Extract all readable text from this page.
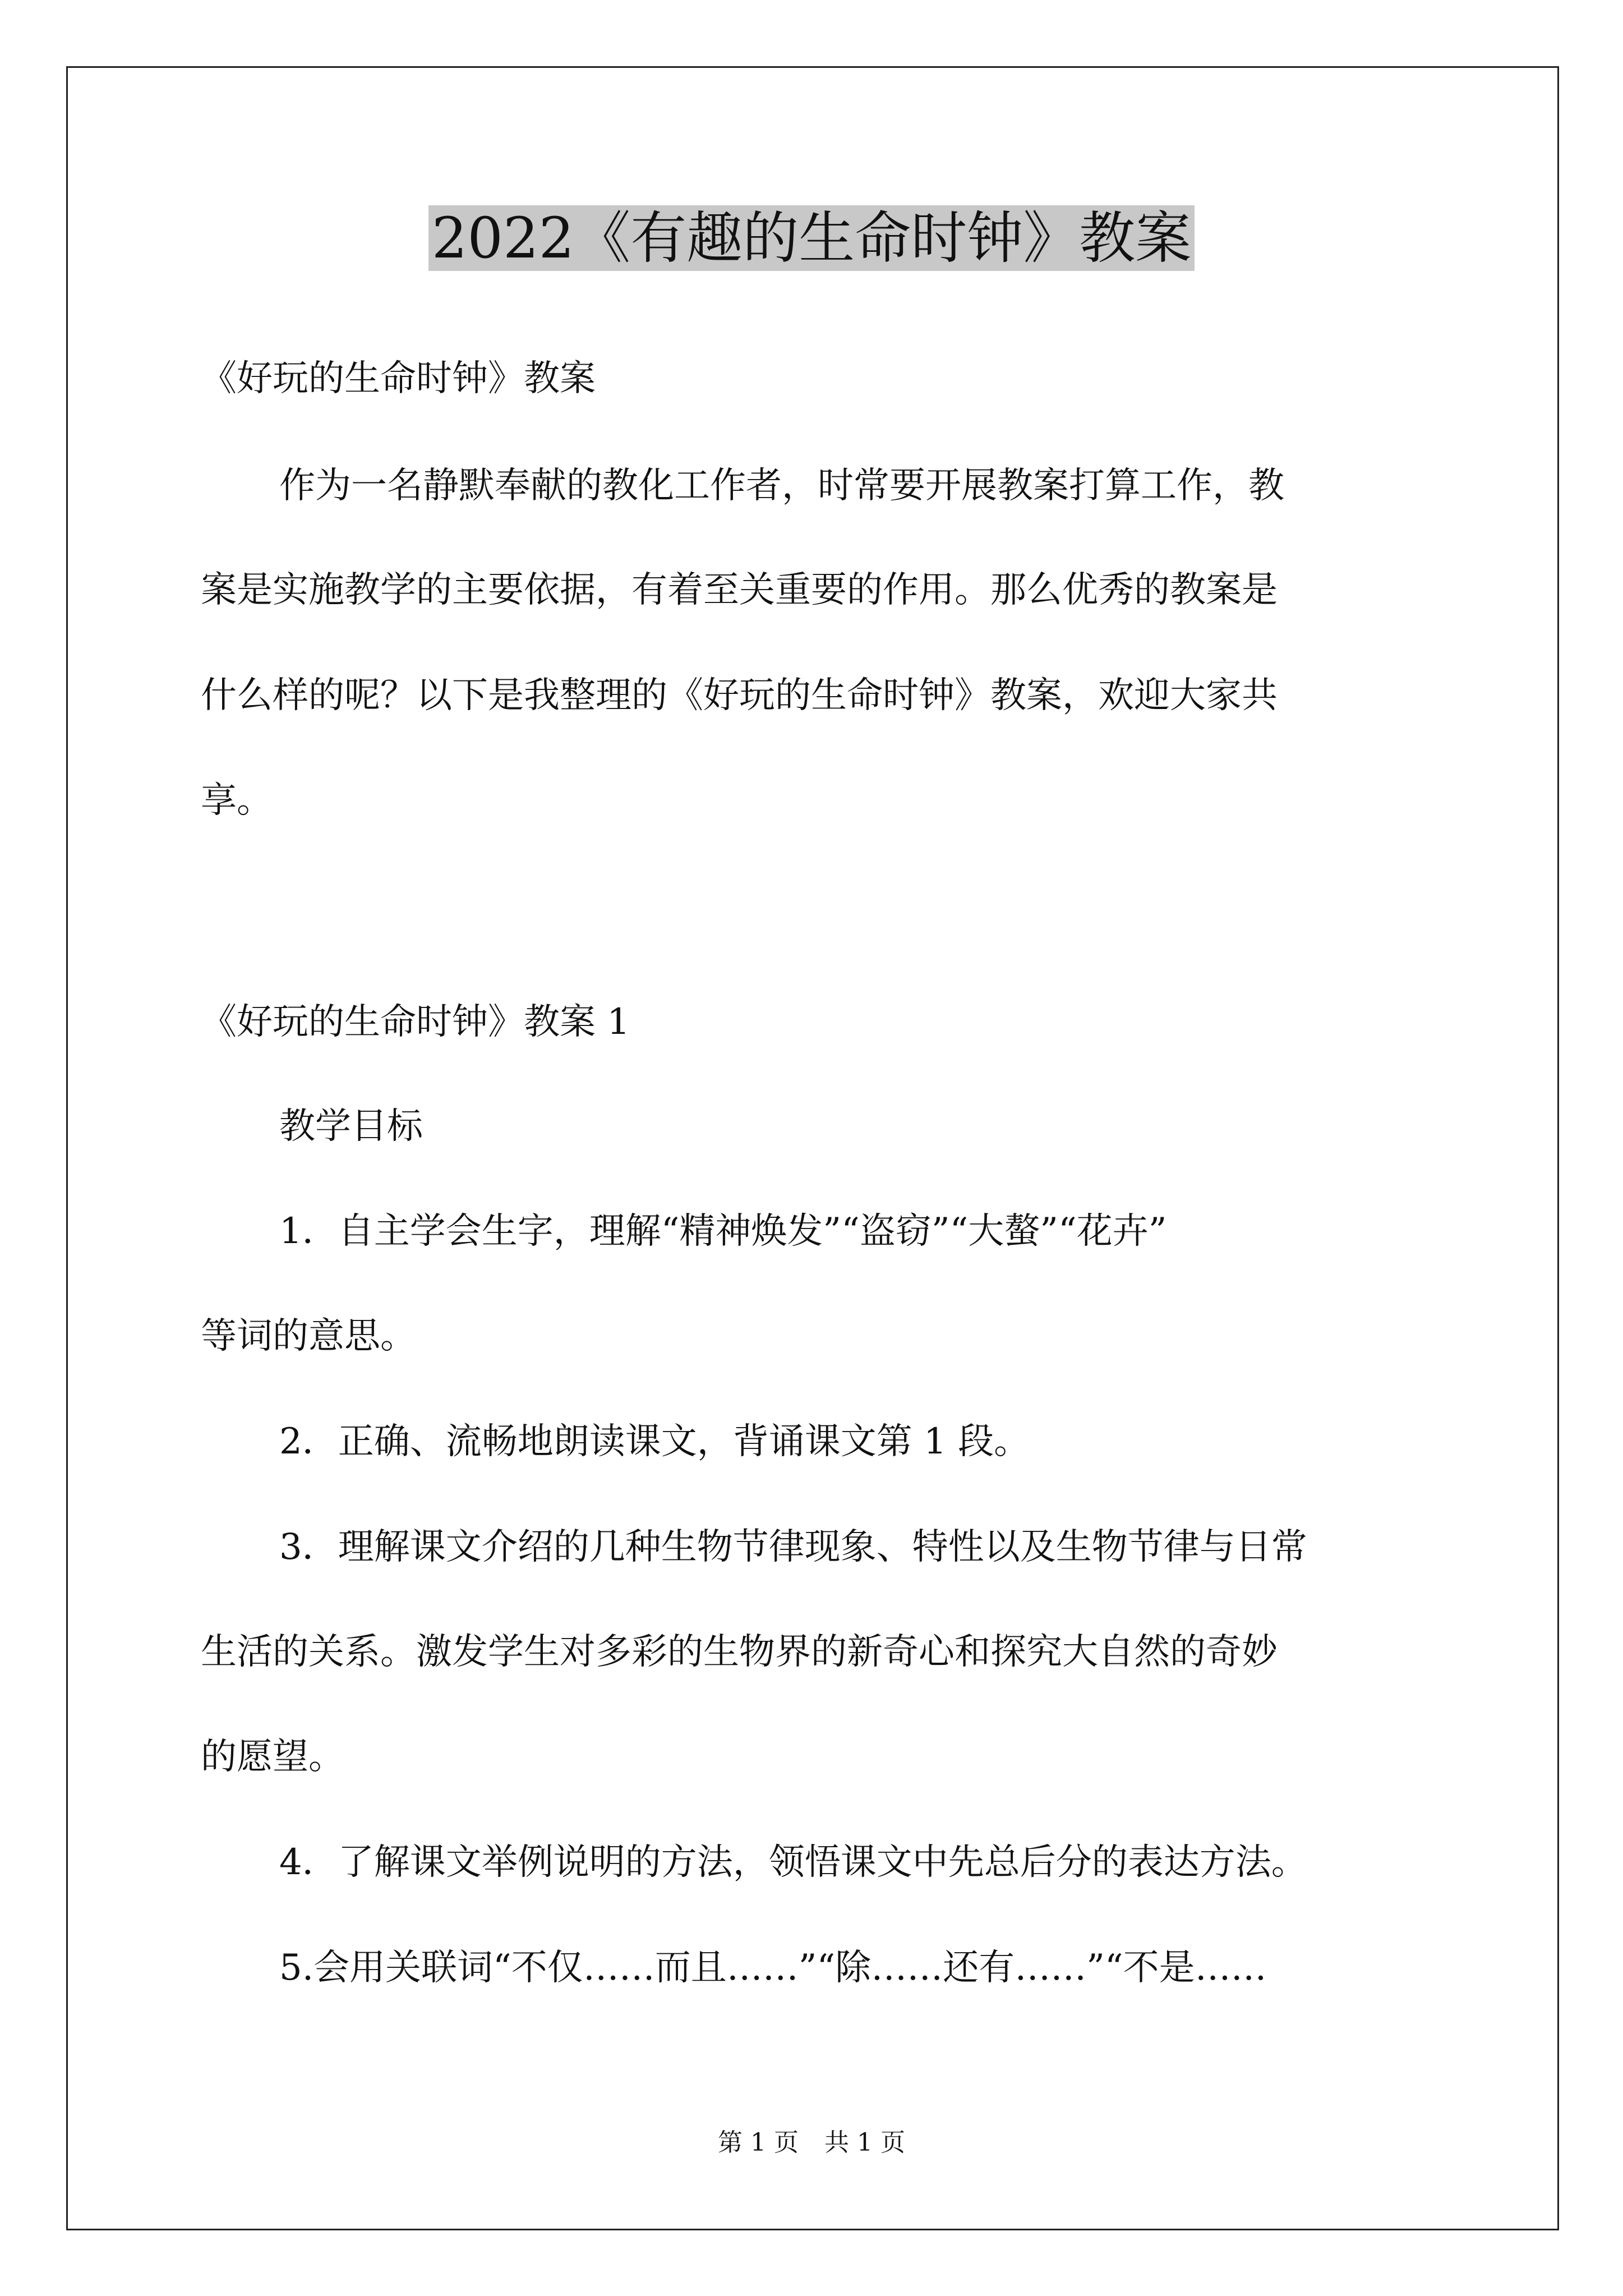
2022《有趣的生命时钟》教案
《好玩的生命时钟》教案
作为一名静默奉献的教化工作者，时常要开展教案打算工作，教
案是实施教学的主要依据，有着至关重要的作用。那么优秀的教案是
什么样的呢？以下是我整理的《好玩的生命时钟》教案，欢迎大家共
享。
《好玩的生命时钟》教案 1
教学目标
1．自主学会生字，理解“精神焕发”“盗窃”“大螯”“花卉”
等词的意思。
2．正确、流畅地朗读课文，背诵课文第 1 段。
3．理解课文介绍的几种生物节律现象、特性以及生物节律与日常
生活的关系。激发学生对多彩的生物界的新奇心和探究大自然的奇妙
的愿望。
4．了解课文举例说明的方法，领悟课文中先总后分的表达方法。
5.会用关联词“不仅……而且……”“除……还有……”“不是……
第 1 页 共 1 页
